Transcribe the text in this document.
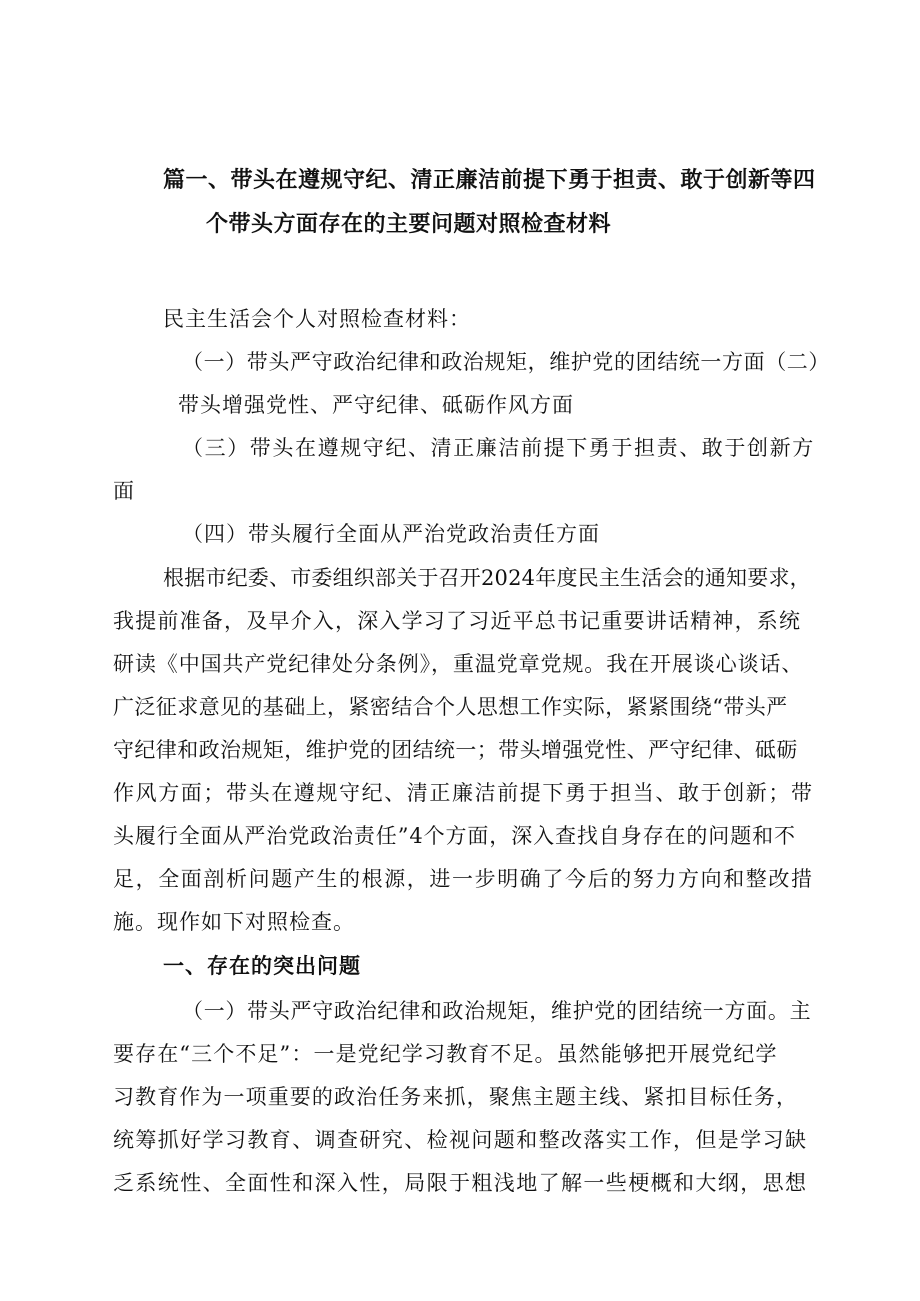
篇一、带头在遵规守纪、清正廉洁前提下勇于担责、敢于创新等四
个带头方面存在的主要问题对照检查材料
民主生活会个人对照检查材料：
（一）带头严守政治纪律和政治规矩，维护党的团结统一方面（二）
带头增强党性、严守纪律、砥砺作风方面
（三）带头在遵规守纪、清正廉洁前提下勇于担责、敢于创新方
面
（四）带头履行全面从严治党政治责任方面
根据市纪委、市委组织部关于召开2024年度民主生活会的通知要求，
我提前准备，及早介入，深入学习了习近平总书记重要讲话精神，系统
研读《中国共产党纪律处分条例》，重温党章党规。我在开展谈心谈话、
广泛征求意见的基础上，紧密结合个人思想工作实际，紧紧围绕“带头严
守纪律和政治规矩，维护党的团结统一；带头增强党性、严守纪律、砥砺
作风方面；带头在遵规守纪、清正廉洁前提下勇于担当、敢于创新；带
头履行全面从严治党政治责任”4个方面，深入查找自身存在的问题和不
足，全面剖析问题产生的根源，进一步明确了今后的努力方向和整改措
施。现作如下对照检查。
一、存在的突出问题
（一）带头严守政治纪律和政治规矩，维护党的团结统一方面。主
要存在“三个不足”：一是党纪学习教育不足。虽然能够把开展党纪学
习教育作为一项重要的政治任务来抓，聚焦主题主线、紧扣目标任务，
统筹抓好学习教育、调查研究、检视问题和整改落实工作，但是学习缺
乏系统性、全面性和深入性，局限于粗浅地了解一些梗概和大纲，思想
